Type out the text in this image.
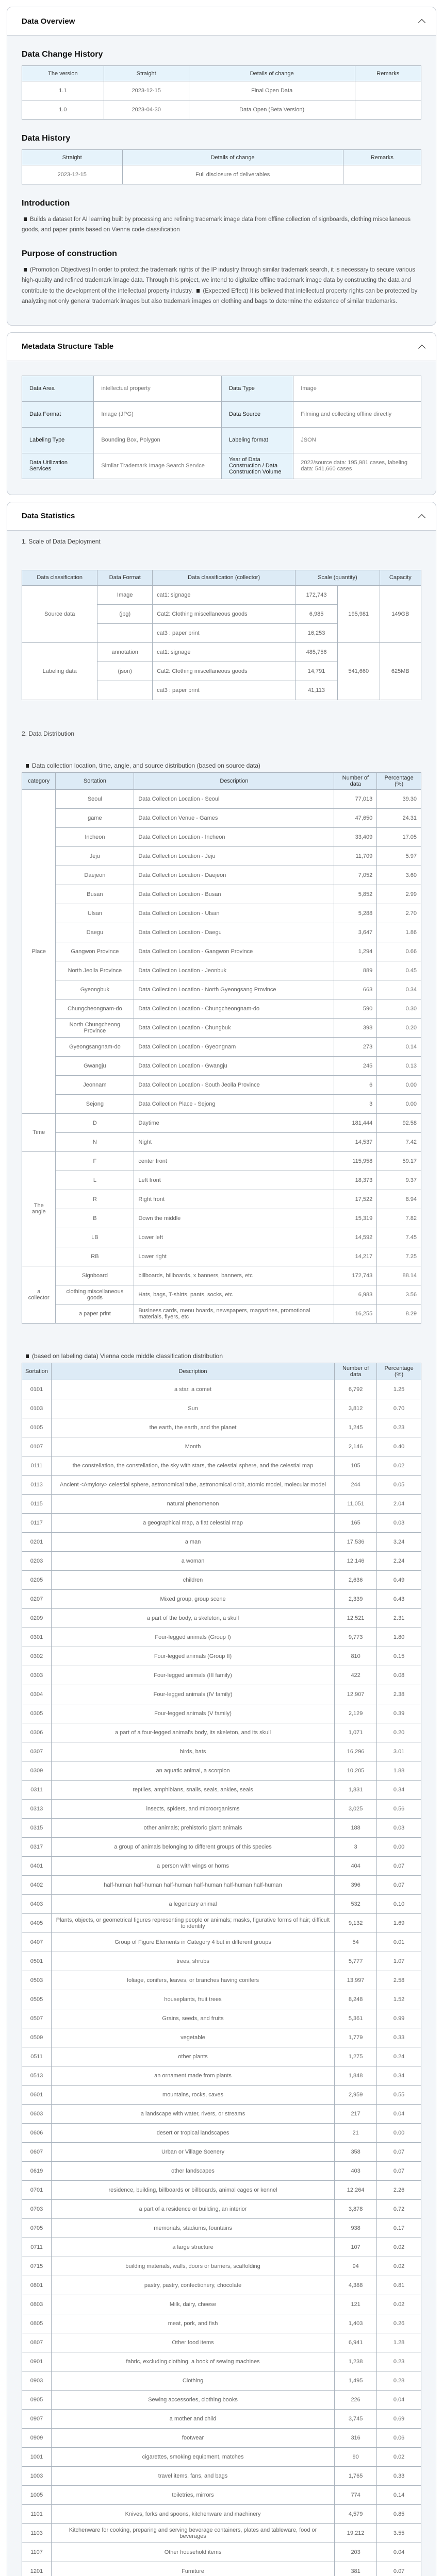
Data Overview
Data Change History
The version	Straight	Details of change	Remarks
1.1	2023-12-15	Final Open Data	
1.0	2023-04-30	Data Open (Beta Version)	
Data History
Straight	Details of change	Remarks
2023-12-15	Full disclosure of deliverables	
Introduction

Builds a dataset for AI learning built by processing and refining trademark image data from offline collection of signboards, clothing miscellaneous goods, and paper prints based on Vienna code classification

Purpose of construction

(Promotion Objectives) In order to protect the trademark rights of the IP industry through similar trademark search, it is necessary to secure various high-quality and refined trademark image data. Through this project, we intend to digitalize offline trademark image data by constructing the data and contribute to the development of the intellectual property industry. (Expected Effect) It is believed that intellectual property rights can be protected by analyzing not only general trademark images but also trademark images on clothing and bags to determine the existence of similar trademarks.

Metadata Structure Table
Data Area	intellectual property	Data Type	Image
Data Format	Image (JPG)	Data Source	Filming and collecting offline directly
Labeling Type	Bounding Box, Polygon	Labeling format	JSON
Data Utilization Services	Similar Trademark Image Search Service	Year of Data Construction / Data Construction Volume	2022/source data: 195,981 cases, labeling data: 541,660 cases
Data Statistics
1. Scale of Data Deployment
Data classification	Data Format	Data classification (collector)	Scale (quantity)		Capacity
Source data	Image	cat1: signage	172,743	195,981	149GB
	(jpg)	Cat2: Clothing miscellaneous goods	6,985		
		cat3 : paper print	16,253		
Labeling data	annotation	cat1: signage	485,756	541,660	625MB
	(json)	Cat2: Clothing miscellaneous goods	14,791		
		cat3 : paper print	41,113		
2. Data Distribution
Data collection location, time, angle, and source distribution (based on source data)
category	Sortation	Description	Number of data	Percentage (%)
Place	Seoul	Data Collection Location - Seoul	77,013	39.30
	game	Data Collection Venue - Games	47,650	24.31
	Incheon	Data Collection Location - Incheon	33,409	17.05
	Jeju	Data Collection Location - Jeju	11,709	5.97
	Daejeon	Data Collection Location - Daejeon	7,052	3.60
	Busan	Data Collection Location - Busan	5,852	2.99
	Ulsan	Data Collection Location - Ulsan	5,288	2.70
	Daegu	Data Collection Location - Daegu	3,647	1.86
	Gangwon Province	Data Collection Location - Gangwon Province	1,294	0.66
	North Jeolla Province	Data Collection Location - Jeonbuk	889	0.45
	Gyeongbuk	Data Collection Location - North Gyeongsang Province	663	0.34
	Chungcheongnam-do	Data Collection Location - Chungcheongnam-do	590	0.30
	North Chungcheong Province	Data Collection Location - Chungbuk	398	0.20
	Gyeongsangnam-do	Data Collection Location - Gyeongnam	273	0.14
	Gwangju	Data Collection Location - Gwangju	245	0.13
	Jeonnam	Data Collection Location - South Jeolla Province	6	0.00
	Sejong	Data Collection Place - Sejong	3	0.00
Time	D	Daytime	181,444	92.58
	N	Night	14,537	7.42
The angle	F	center front	115,958	59.17
	L	Left front	18,373	9.37
	R	Right front	17,522	8.94
	B	Down the middle	15,319	7.82
	LB	Lower left	14,592	7.45
	RB	Lower right	14,217	7.25
a collector	Signboard	billboards, billboards, x banners, banners, etc	172,743	88.14
	clothing miscellaneous goods	Hats, bags, T-shirts, pants, socks, etc	6,983	3.56
	a paper print	Business cards, menu boards, newspapers, magazines, promotional materials, flyers, etc	16,255	8.29
(based on labeling data) Vienna code middle classification distribution
Sortation	Description	Number of data	Percentage (%)
0101	a star, a comet	6,792	1.25
0103	Sun	3,812	0.70
0105	the earth, the earth, and the planet	1,245	0.23
0107	Month	2,146	0.40
0111	the constellation, the constellation, the sky with stars, the celestial sphere, and the celestial map	105	0.02
0113	Ancient <Amylory> celestial sphere, astronomical tube, astronomical orbit, atomic model, molecular model	244	0.05
0115	natural phenomenon	11,051	2.04
0117	a geographical map, a flat celestial map	165	0.03
0201	a man	17,536	3.24
0203	a woman	12,146	2.24
0205	children	2,636	0.49
0207	Mixed group, group scene	2,339	0.43
0209	a part of the body, a skeleton, a skull	12,521	2.31
0301	Four-legged animals (Group I)	9,773	1.80
0302	Four-legged animals (Group II)	810	0.15
0303	Four-legged animals (III family)	422	0.08
0304	Four-legged animals (IV family)	12,907	2.38
0305	Four-legged animals (V family)	2,129	0.39
0306	a part of a four-legged animal's body, its skeleton, and its skull	1,071	0.20
0307	birds, bats	16,296	3.01
0309	an aquatic animal, a scorpion	10,205	1.88
0311	reptiles, amphibians, snails, seals, ankles, seals	1,831	0.34
0313	insects, spiders, and microorganisms	3,025	0.56
0315	other animals; prehistoric giant animals	188	0.03
0317	a group of animals belonging to different groups of this species	3	0.00
0401	a person with wings or horns	404	0.07
0402	half-human half-human half-human half-human half-human half-human	396	0.07
0403	a legendary animal	532	0.10
0405	Plants, objects, or geometrical figures representing people or animals; masks, figurative forms of hair; difficult to identify	9,132	1.69
0407	Group of Figure Elements in Category 4 but in different groups	54	0.01
0501	trees, shrubs	5,777	1.07
0503	foliage, conifers, leaves, or branches having conifers	13,997	2.58
0505	houseplants, fruit trees	8,248	1.52
0507	Grains, seeds, and fruits	5,361	0.99
0509	vegetable	1,779	0.33
0511	other plants	1,275	0.24
0513	an ornament made from plants	1,848	0.34
0601	mountains, rocks, caves	2,959	0.55
0603	a landscape with water, rivers, or streams	217	0.04
0606	desert or tropical landscapes	21	0.00
0607	Urban or Village Scenery	358	0.07
0619	other landscapes	403	0.07
0701	residence, building, billboards or billboards, animal cages or kennel	12,264	2.26
0703	a part of a residence or building, an interior	3,878	0.72
0705	memorials, stadiums, fountains	938	0.17
0711	a large structure	107	0.02
0715	building materials, walls, doors or barriers, scaffolding	94	0.02
0801	pastry, pastry, confectionery, chocolate	4,388	0.81
0803	Milk, dairy, cheese	121	0.02
0805	meat, pork, and fish	1,403	0.26
0807	Other food items	6,941	1.28
0901	fabric, excluding clothing, a book of sewing machines	1,238	0.23
0903	Clothing	1,495	0.28
0905	Sewing accessories, clothing books	226	0.04
0907	a mother and child	3,745	0.69
0909	footwear	316	0.06
1001	cigarettes, smoking equipment, matches	90	0.02
1003	travel items, fans, and bags	1,765	0.33
1005	toiletries, mirrors	774	0.14
1101	Knives, forks and spoons, kitchenware and machinery	4,579	0.85
1103	Kitchenware for cooking, preparing and serving beverage containers, plates and tableware, food or beverages	19,212	3.55
1107	Other household items	203	0.04
1201	Furniture	381	0.07
